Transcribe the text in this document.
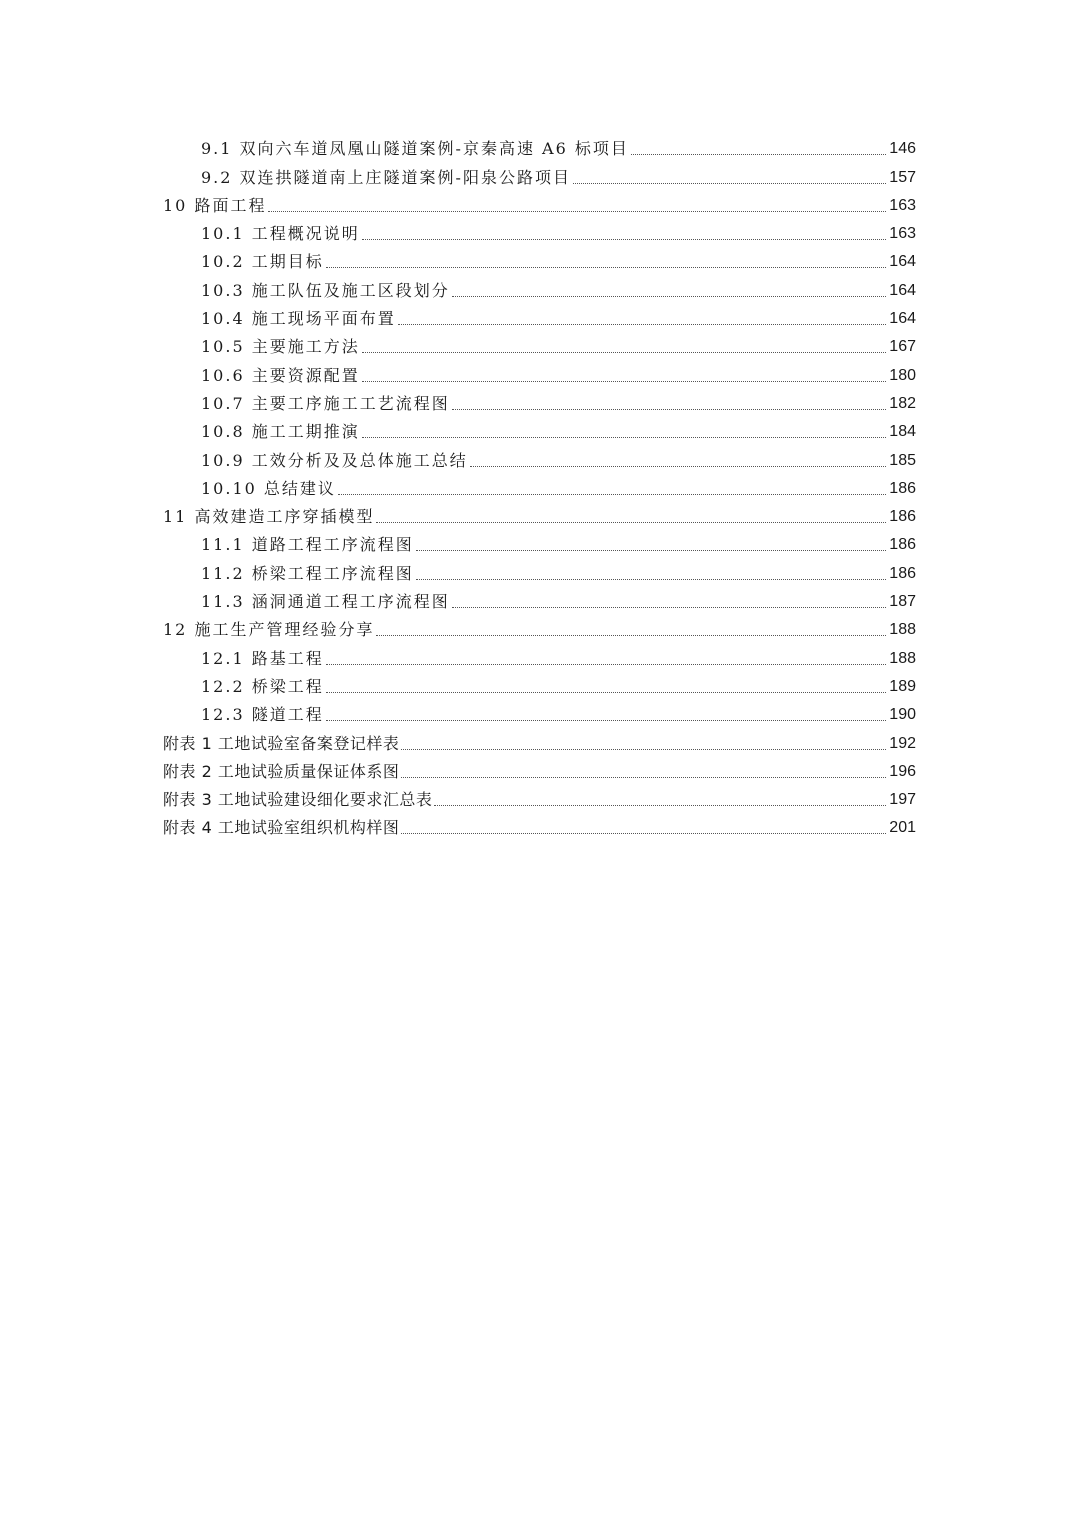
9.1 双向六车道凤凰山隧道案例-京秦高速 A6 标项目	146
9.2 双连拱隧道南上庄隧道案例-阳泉公路项目	157
10 路面工程	163
10.1 工程概况说明	163
10.2 工期目标	164
10.3 施工队伍及施工区段划分	164
10.4 施工现场平面布置	164
10.5 主要施工方法	167
10.6 主要资源配置	180
10.7 主要工序施工工艺流程图	182
10.8 施工工期推演	184
10.9 工效分析及及总体施工总结	185
10.10 总结建议	186
11 高效建造工序穿插模型	186
11.1 道路工程工序流程图	186
11.2 桥梁工程工序流程图	186
11.3 涵洞通道工程工序流程图	187
12 施工生产管理经验分享	188
12.1 路基工程	188
12.2 桥梁工程	189
12.3 隧道工程	190
附表 1 工地试验室备案登记样表	192
附表 2 工地试验质量保证体系图	196
附表 3 工地试验建设细化要求汇总表	197
附表 4 工地试验室组织机构样图	201
